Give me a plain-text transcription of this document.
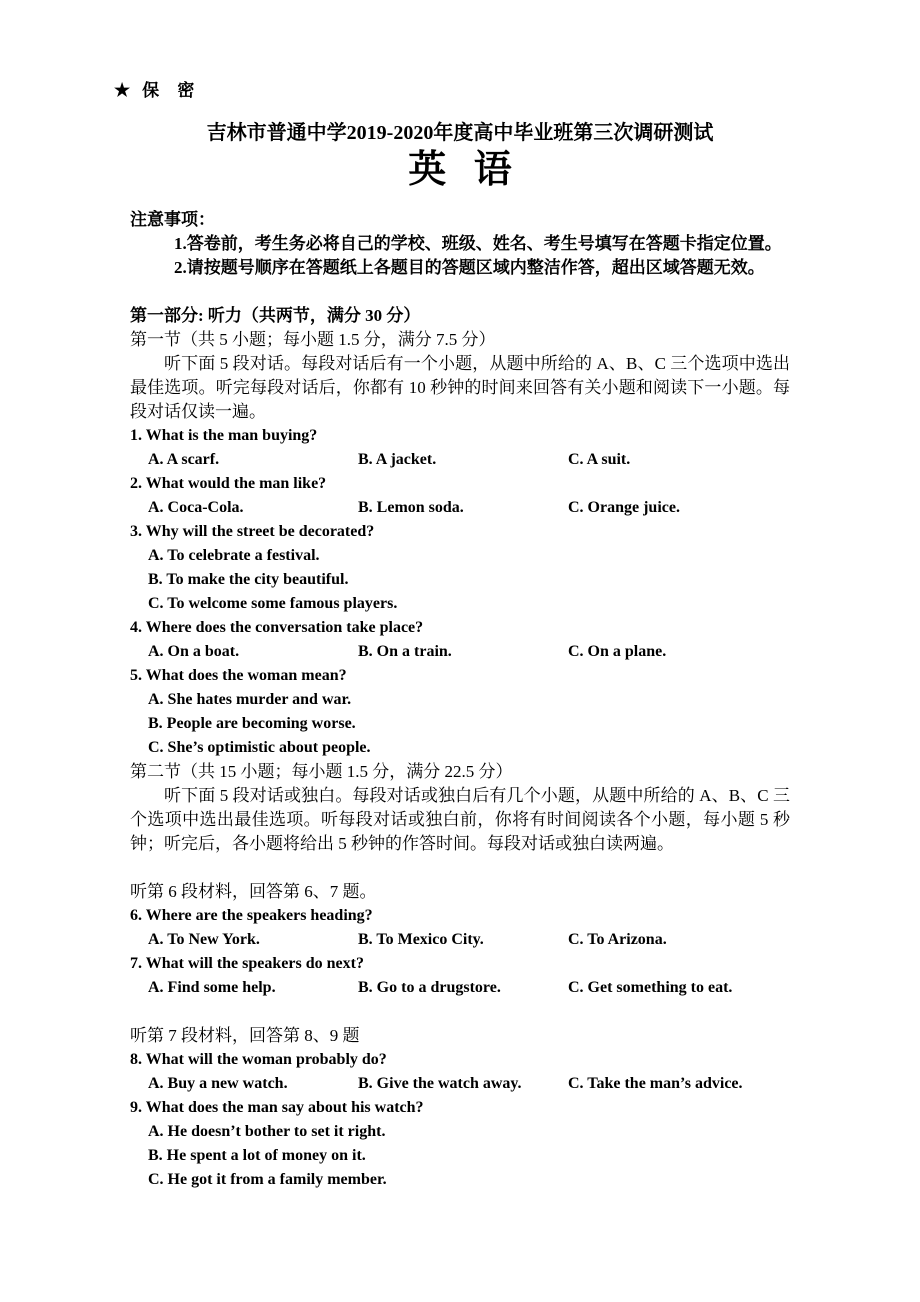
★ 保 密
吉林市普通中学2019-2020年度高中毕业班第三次调研测试
英 语
注意事项：
1.答卷前，考生务必将自己的学校、班级、姓名、考生号填写在答题卡指定位置。
2.请按题号顺序在答题纸上各题目的答题区域内整洁作答，超出区域答题无效。
第一部分: 听力（共两节，满分 30 分）
第一节（共 5 小题；每小题 1.5 分，满分 7.5 分）
听下面 5 段对话。每段对话后有一个小题，从题中所给的 A、B、C 三个选项中选出最佳选项。听完每段对话后，你都有 10 秒钟的时间来回答有关小题和阅读下一小题。每段对话仅读一遍。
1. What is the man buying?
A. A scarf.	B. A jacket.	C. A suit.
2. What would the man like?
A. Coca-Cola.	B. Lemon soda.	C. Orange juice.
3. Why will the street be decorated?
A. To celebrate a festival.
B. To make the city beautiful.
C. To welcome some famous players.
4. Where does the conversation take place?
A. On a boat.	B. On a train.	C. On a plane.
5. What does the woman mean?
A. She hates murder and war.
B. People are becoming worse.
C. She’s optimistic about people.
第二节（共 15 小题；每小题 1.5 分，满分 22.5 分）
听下面 5 段对话或独白。每段对话或独白后有几个小题，从题中所给的 A、B、C 三个选项中选出最佳选项。听每段对话或独白前，你将有时间阅读各个小题，每小题 5 秒钟；听完后，各小题将给出 5 秒钟的作答时间。每段对话或独白读两遍。
听第 6 段材料，回答第 6、7 题。
6. Where are the speakers heading?
A. To New York.	B. To Mexico City.	C. To Arizona.
7. What will the speakers do next?
A. Find some help.	B. Go to a drugstore.	C. Get something to eat.
听第 7 段材料，回答第 8、9 题
8. What will the woman probably do?
A. Buy a new watch.	B. Give the watch away.	C. Take the man’s advice.
9. What does the man say about his watch?
A. He doesn’t bother to set it right.
B. He spent a lot of money on it.
C. He got it from a family member.
